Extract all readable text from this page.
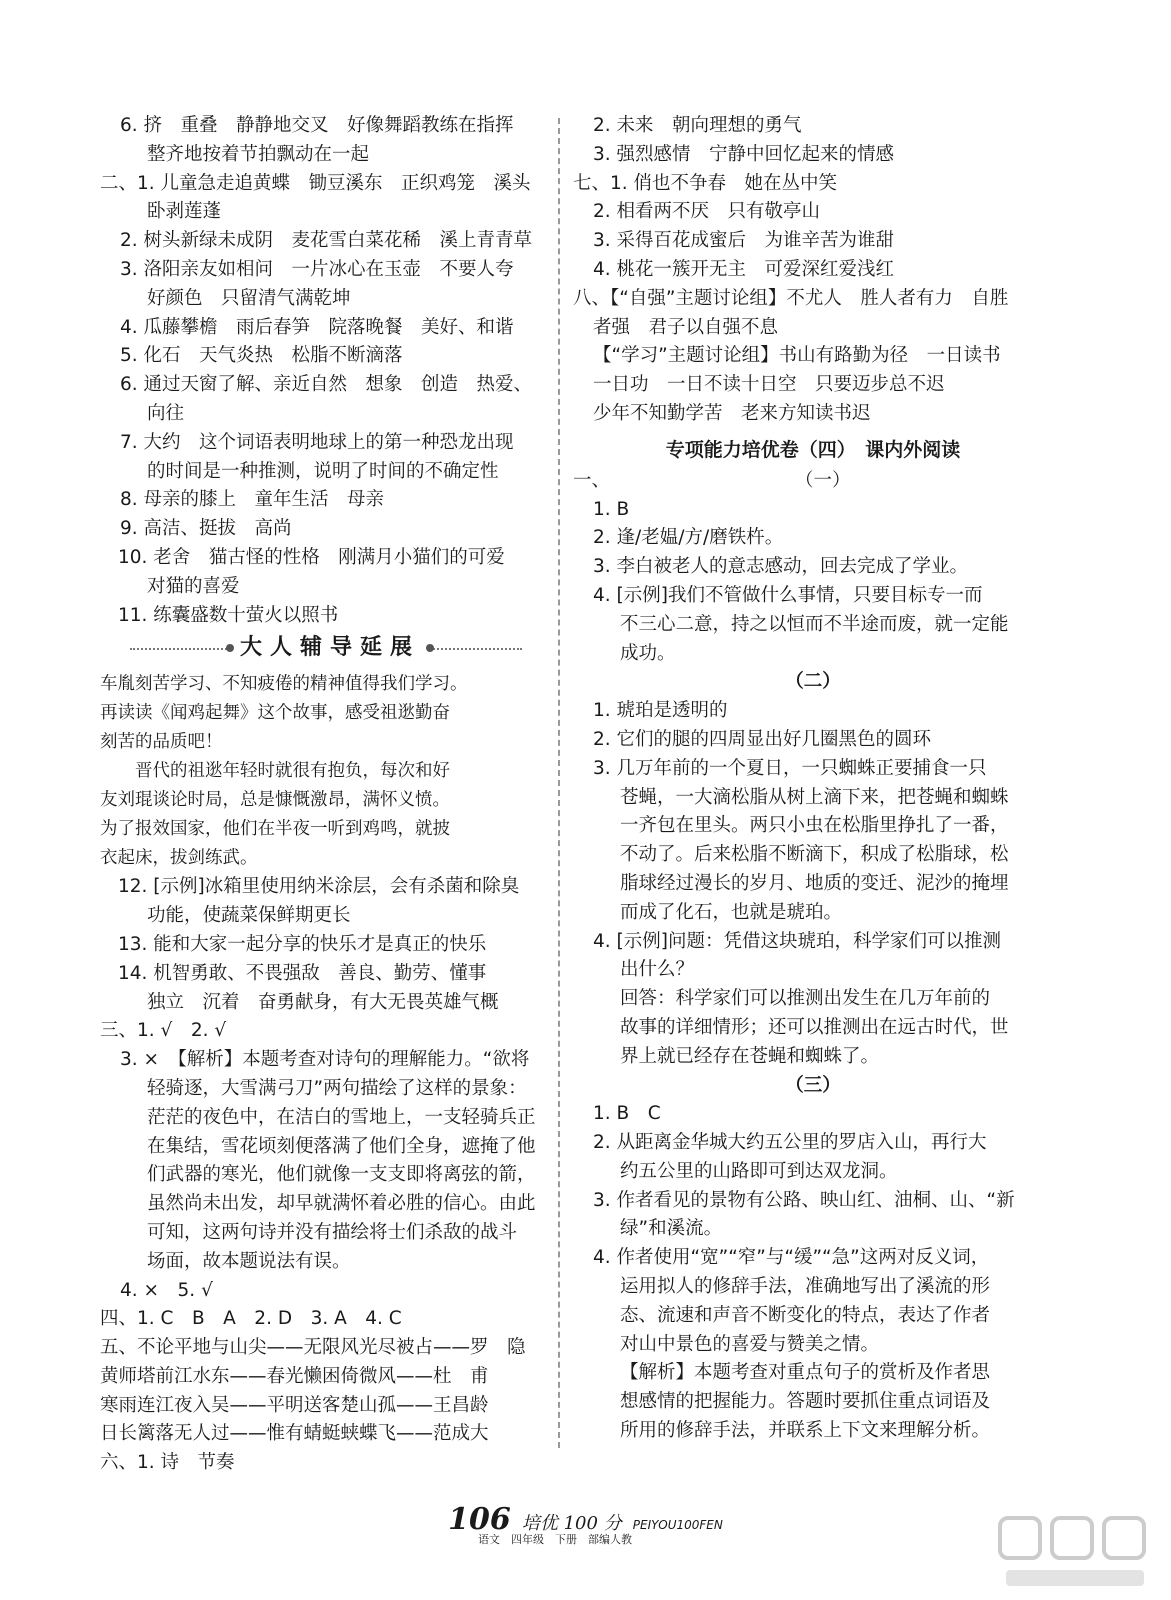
6. 挤　重叠　静静地交叉　好像舞蹈教练在指挥
整齐地按着节拍飘动在一起
二、1. 儿童急走追黄蝶　锄豆溪东　正织鸡笼　溪头
卧剥莲蓬
2. 树头新绿未成阴　麦花雪白菜花稀　溪上青青草
3. 洛阳亲友如相问　一片冰心在玉壶　不要人夸
好颜色　只留清气满乾坤
4. 瓜藤攀檐　雨后春笋　院落晚餐　美好、和谐
5. 化石　天气炎热　松脂不断滴落
6. 通过天窗了解、亲近自然　想象　创造　热爱、
向往
7. 大约　这个词语表明地球上的第一种恐龙出现
的时间是一种推测，说明了时间的不确定性
8. 母亲的膝上　童年生活　母亲
9. 高洁、挺拔　高尚
10. 老舍　猫古怪的性格　刚满月小猫们的可爱
对猫的喜爱
11. 练囊盛数十萤火以照书
大人辅导延展
车胤刻苦学习、不知疲倦的精神值得我们学习。
再读读《闻鸡起舞》这个故事，感受祖逖勤奋
刻苦的品质吧！
　　晋代的祖逖年轻时就很有抱负，每次和好
友刘琨谈论时局，总是慷慨激昂，满怀义愤。
为了报效国家，他们在半夜一听到鸡鸣，就披
衣起床，拔剑练武。
12. [示例]冰箱里使用纳米涂层，会有杀菌和除臭
功能，使蔬菜保鲜期更长
13. 能和大家一起分享的快乐才是真正的快乐
14. 机智勇敢、不畏强敌　善良、勤劳、懂事
独立　沉着　奋勇献身，有大无畏英雄气概
三、1. √　2. √
3. ×　【解析】本题考查对诗句的理解能力。“欲将
轻骑逐，大雪满弓刀”两句描绘了这样的景象：
茫茫的夜色中，在洁白的雪地上，一支轻骑兵正
在集结，雪花顷刻便落满了他们全身，遮掩了他
们武器的寒光，他们就像一支支即将离弦的箭，
虽然尚未出发，却早就满怀着必胜的信心。由此
可知，这两句诗并没有描绘将士们杀敌的战斗
场面，故本题说法有误。
4. ×　5. √
四、1. C　B　A　2. D　3. A　4. C
五、不论平地与山尖——无限风光尽被占——罗　隐
黄师塔前江水东——春光懒困倚微风——杜　甫
寒雨连江夜入吴——平明送客楚山孤——王昌龄
日长篱落无人过——惟有蜻蜓蛱蝶飞——范成大
六、1. 诗　节奏
2. 未来　朝向理想的勇气
3. 强烈感情　宁静中回忆起来的情感
七、1. 俏也不争春　她在丛中笑
2. 相看两不厌　只有敬亭山
3. 采得百花成蜜后　为谁辛苦为谁甜
4. 桃花一簇开无主　可爱深红爱浅红
八、【“自强”主题讨论组】不尤人　胜人者有力　自胜
者强　君子以自强不息
【“学习”主题讨论组】书山有路勤为径　一日读书
一日功　一日不读十日空　只要迈步总不迟
少年不知勤学苦　老来方知读书迟
专项能力培优卷（四）　课内外阅读
一、　　　　　　　　　　　（一）
1. B
2. 逢/老媪/方/磨铁杵。
3. 李白被老人的意志感动，回去完成了学业。
4. [示例]我们不管做什么事情，只要目标专一而
不三心二意，持之以恒而不半途而废，就一定能
成功。
（二）
1. 琥珀是透明的
2. 它们的腿的四周显出好几圈黑色的圆环
3. 几万年前的一个夏日，一只蜘蛛正要捕食一只
苍蝇，一大滴松脂从树上滴下来，把苍蝇和蜘蛛
一齐包在里头。两只小虫在松脂里挣扎了一番，
不动了。后来松脂不断滴下，积成了松脂球，松
脂球经过漫长的岁月、地质的变迁、泥沙的掩埋
而成了化石，也就是琥珀。
4. [示例]问题：凭借这块琥珀，科学家们可以推测
出什么？
回答：科学家们可以推测出发生在几万年前的
故事的详细情形；还可以推测出在远古时代，世
界上就已经存在苍蝇和蜘蛛了。
（三）
1. B　C
2. 从距离金华城大约五公里的罗店入山，再行大
约五公里的山路即可到达双龙洞。
3. 作者看见的景物有公路、映山红、油桐、山、“新
绿”和溪流。
4. 作者使用“宽”“窄”与“缓”“急”这两对反义词，
运用拟人的修辞手法，准确地写出了溪流的形
态、流速和声音不断变化的特点，表达了作者
对山中景色的喜爱与赞美之情。
【解析】本题考查对重点句子的赏析及作者思
想感情的把握能力。答题时要抓住重点词语及
所用的修辞手法，并联系上下文来理解分析。
106 培优 100 分 PEIYOU100FEN
语文　四年级　下册　部编人教
